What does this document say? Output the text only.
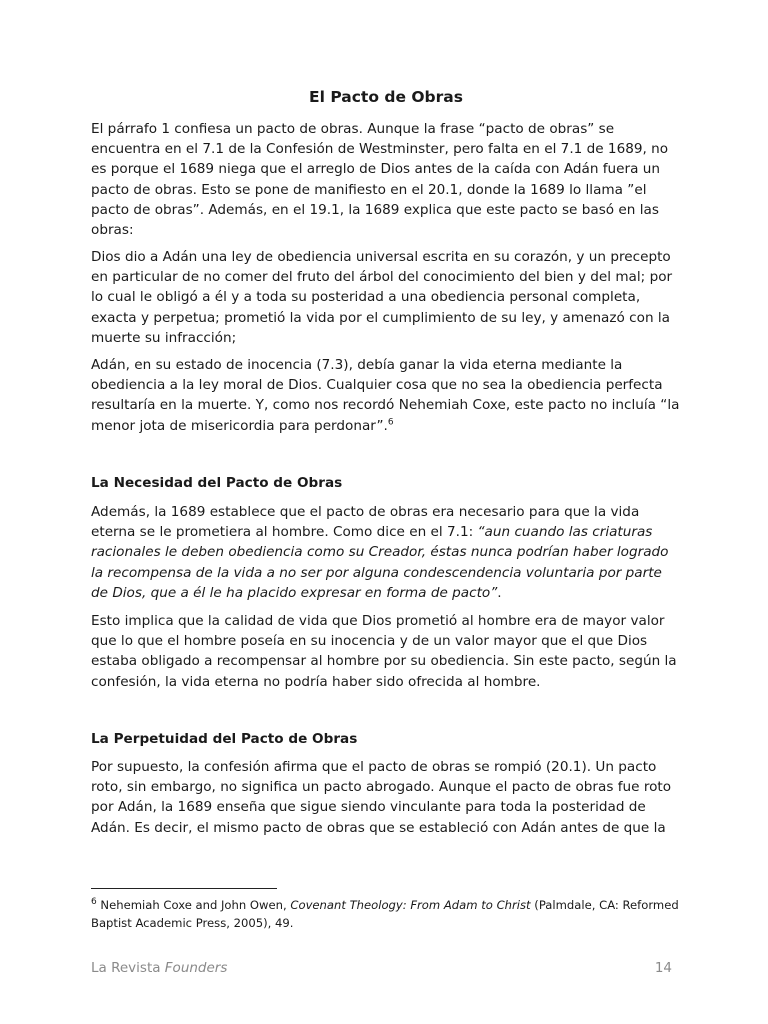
El Pacto de Obras

El párrafo 1 confiesa un pacto de obras. Aunque la frase “pacto de obras” se encuentra en el 7.1 de la Confesión de Westminster, pero falta en el 7.1 de 1689, no es porque el 1689 niega que el arreglo de Dios antes de la caída con Adán fuera un pacto de obras. Esto se pone de manifiesto en el 20.1, donde la 1689 lo llama ”el pacto de obras”. Además, en el 19.1, la 1689 explica que este pacto se basó en las obras:

Dios dio a Adán una ley de obediencia universal escrita en su corazón, y un precepto en particular de no comer del fruto del árbol del conocimiento del bien y del mal; por lo cual le obligó a él y a toda su posteridad a una obediencia personal completa, exacta y perpetua; prometió la vida por el cumplimiento de su ley, y amenazó con la muerte su infracción;

Adán, en su estado de inocencia (7.3), debía ganar la vida eterna mediante la obediencia a la ley moral de Dios. Cualquier cosa que no sea la obediencia perfecta resultaría en la muerte. Y, como nos recordó Nehemiah Coxe, este pacto no incluía “la menor jota de misericordia para perdonar”.$^6$

La Necesidad del Pacto de Obras

Además, la 1689 establece que el pacto de obras era necesario para que la vida eterna se le prometiera al hombre. Como dice en el 7.1: “aun cuando las criaturas racionales le deben obediencia como su Creador, éstas nunca podrían haber logrado la recompensa de la vida a no ser por alguna condescendencia voluntaria por parte de Dios, que a él le ha placido expresar en forma de pacto”.

Esto implica que la calidad de vida que Dios prometió al hombre era de mayor valor que lo que el hombre poseía en su inocencia y de un valor mayor que el que Dios estaba obligado a recompensar al hombre por su obediencia. Sin este pacto, según la confesión, la vida eterna no podría haber sido ofrecida al hombre.

La Perpetuidad del Pacto de Obras

Por supuesto, la confesión afirma que el pacto de obras se rompió (20.1). Un pacto roto, sin embargo, no significa un pacto abrogado. Aunque el pacto de obras fue roto por Adán, la 1689 enseña que sigue siendo vinculante para toda la posteridad de Adán. Es decir, el mismo pacto de obras que se estableció con Adán antes de que la

$^6$ Nehemiah Coxe and John Owen, Covenant Theology: From Adam to Christ (Palmdale, CA: Reformed Baptist Academic Press, 2005), 49.

La Revista Founders	14
